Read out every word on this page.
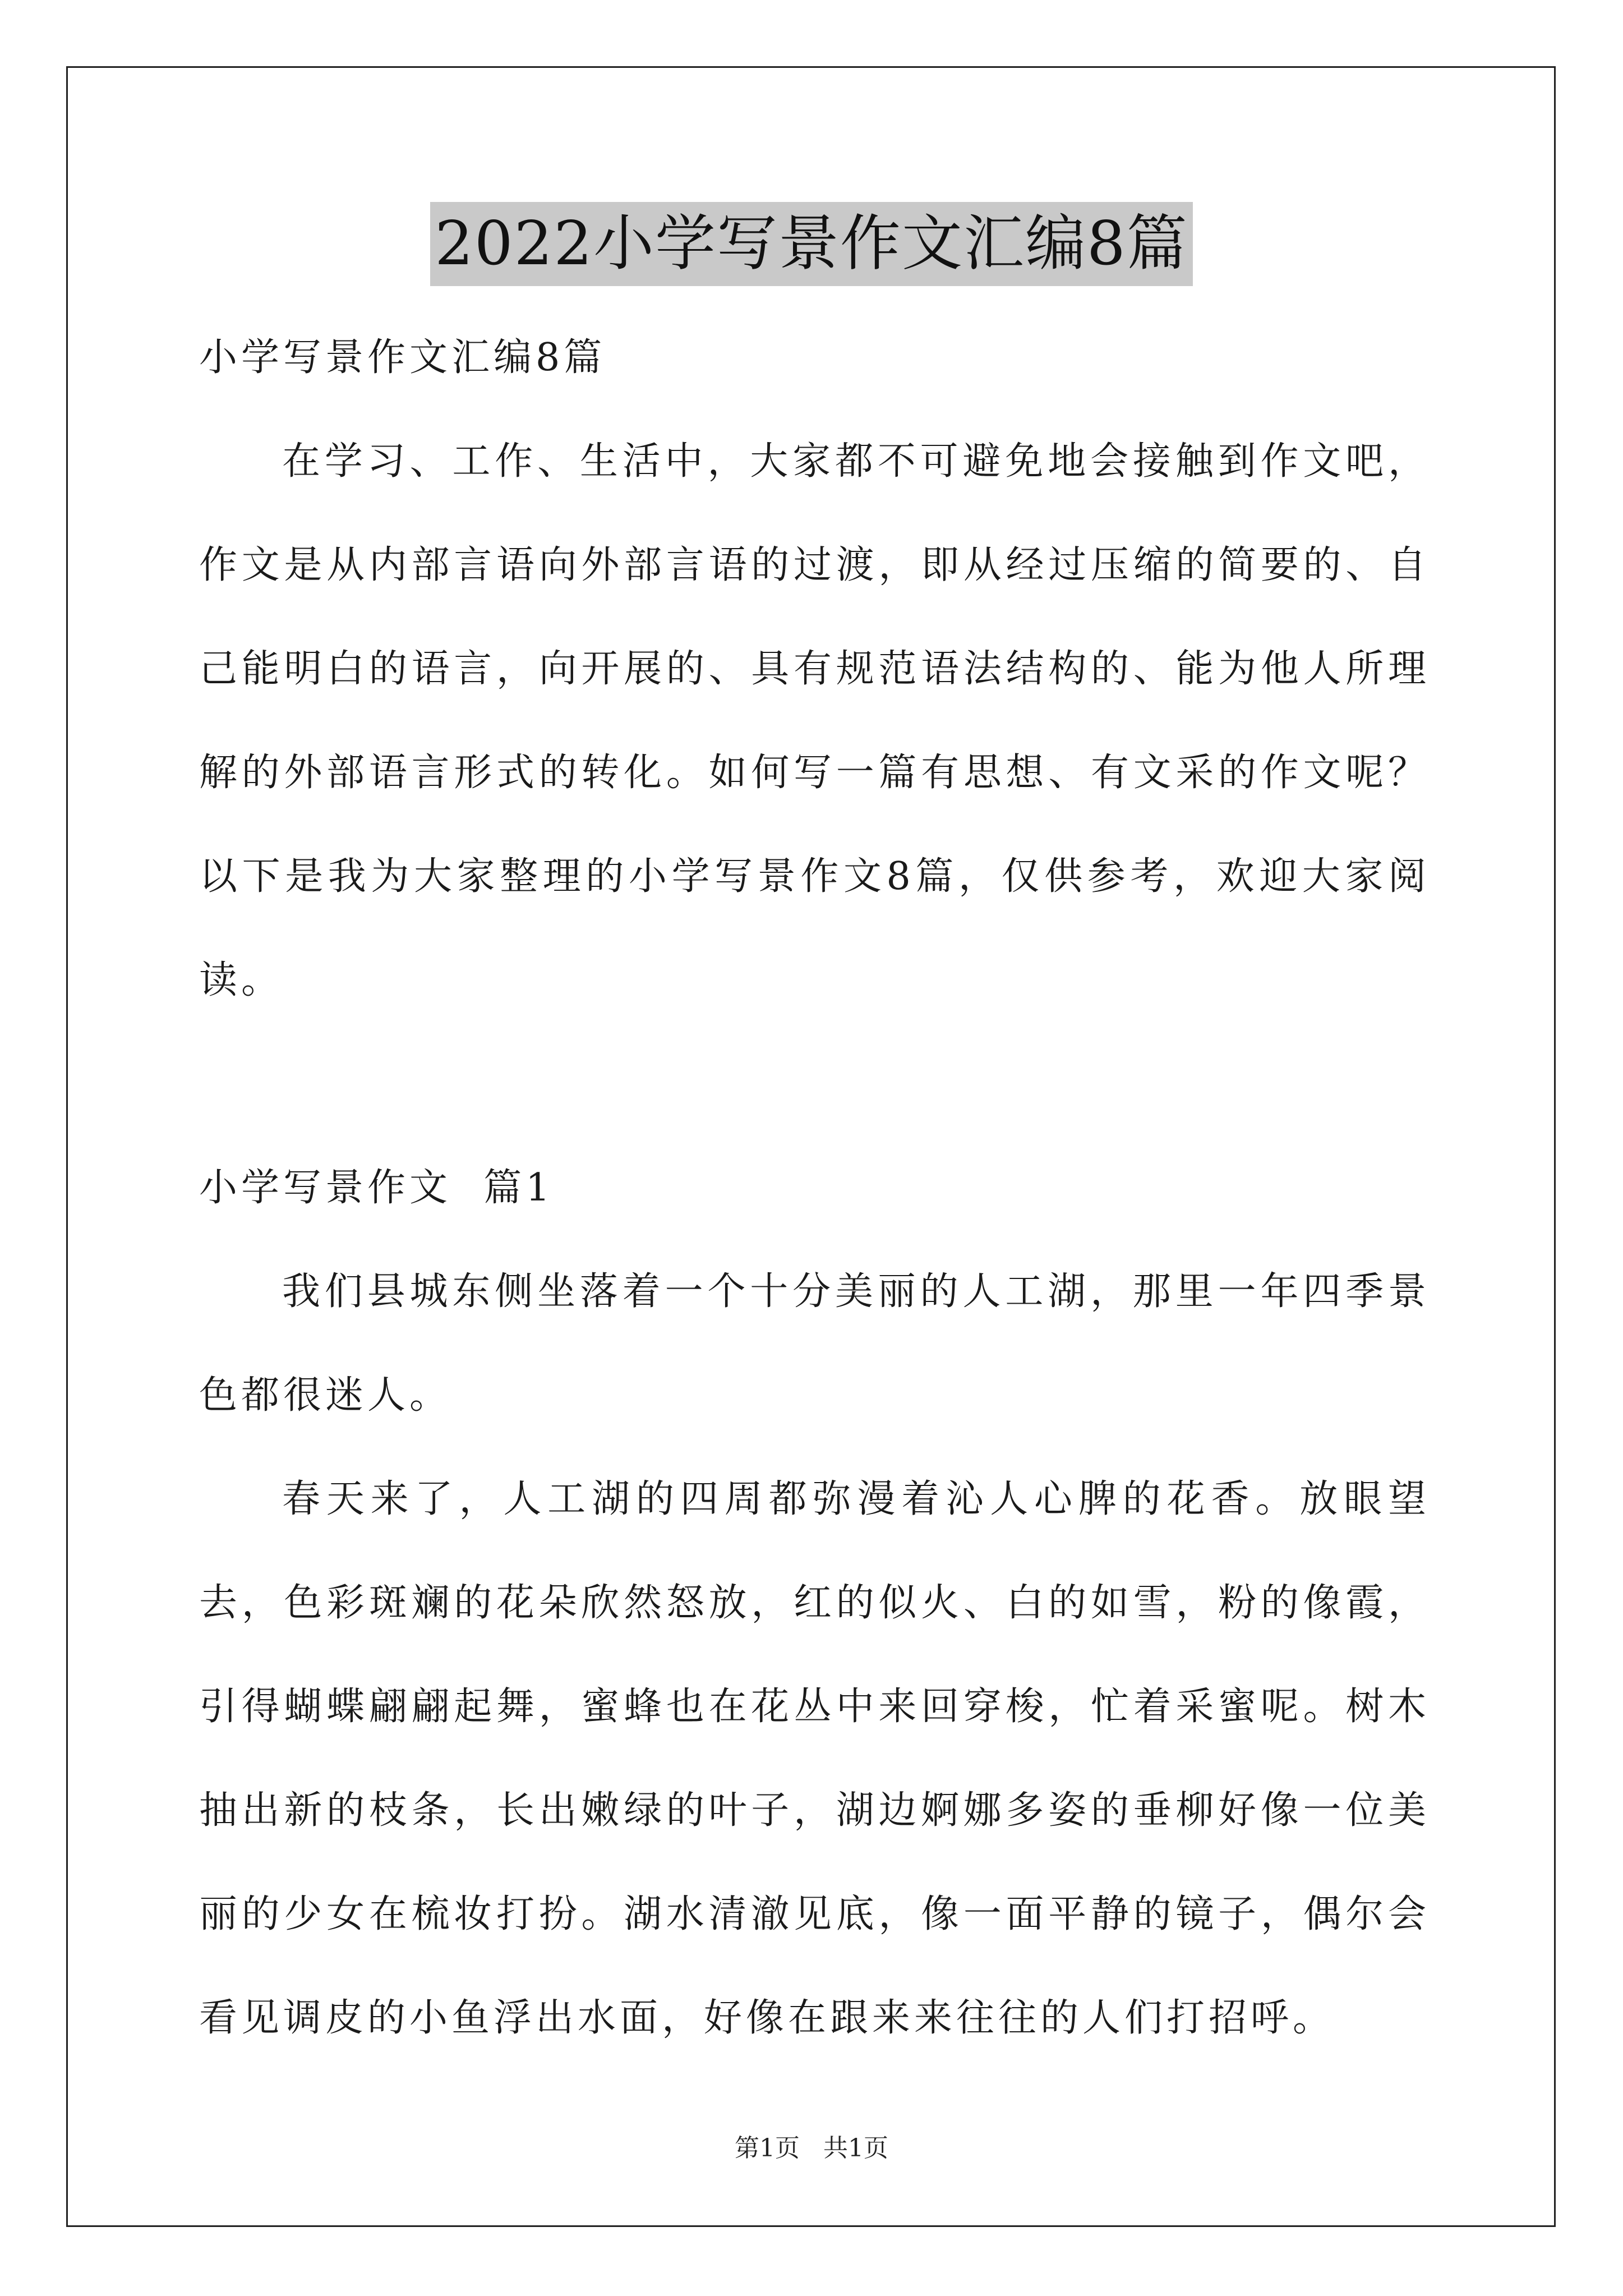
2022小学写景作文汇编8篇

小学写景作文汇编8篇

在学习、工作、生活中，大家都不可避免地会接触到作文吧，作文是从内部言语向外部言语的过渡，即从经过压缩的简要的、自己能明白的语言，向开展的、具有规范语法结构的、能为他人所理解的外部语言形式的转化。如何写一篇有思想、有文采的作文呢？以下是我为大家整理的小学写景作文8篇，仅供参考，欢迎大家阅读。

小学写景作文  篇1

我们县城东侧坐落着一个十分美丽的人工湖，那里一年四季景色都很迷人。

春天来了，人工湖的四周都弥漫着沁人心脾的花香。放眼望去，色彩斑斓的花朵欣然怒放，红的似火、白的如雪，粉的像霞，引得蝴蝶翩翩起舞，蜜蜂也在花丛中来回穿梭，忙着采蜜呢。树木抽出新的枝条，长出嫩绿的叶子，湖边婀娜多姿的垂柳好像一位美丽的少女在梳妆打扮。湖水清澈见底，像一面平静的镜子，偶尔会看见调皮的小鱼浮出水面，好像在跟来来往往的人们打招呼。

第1页   共1页
